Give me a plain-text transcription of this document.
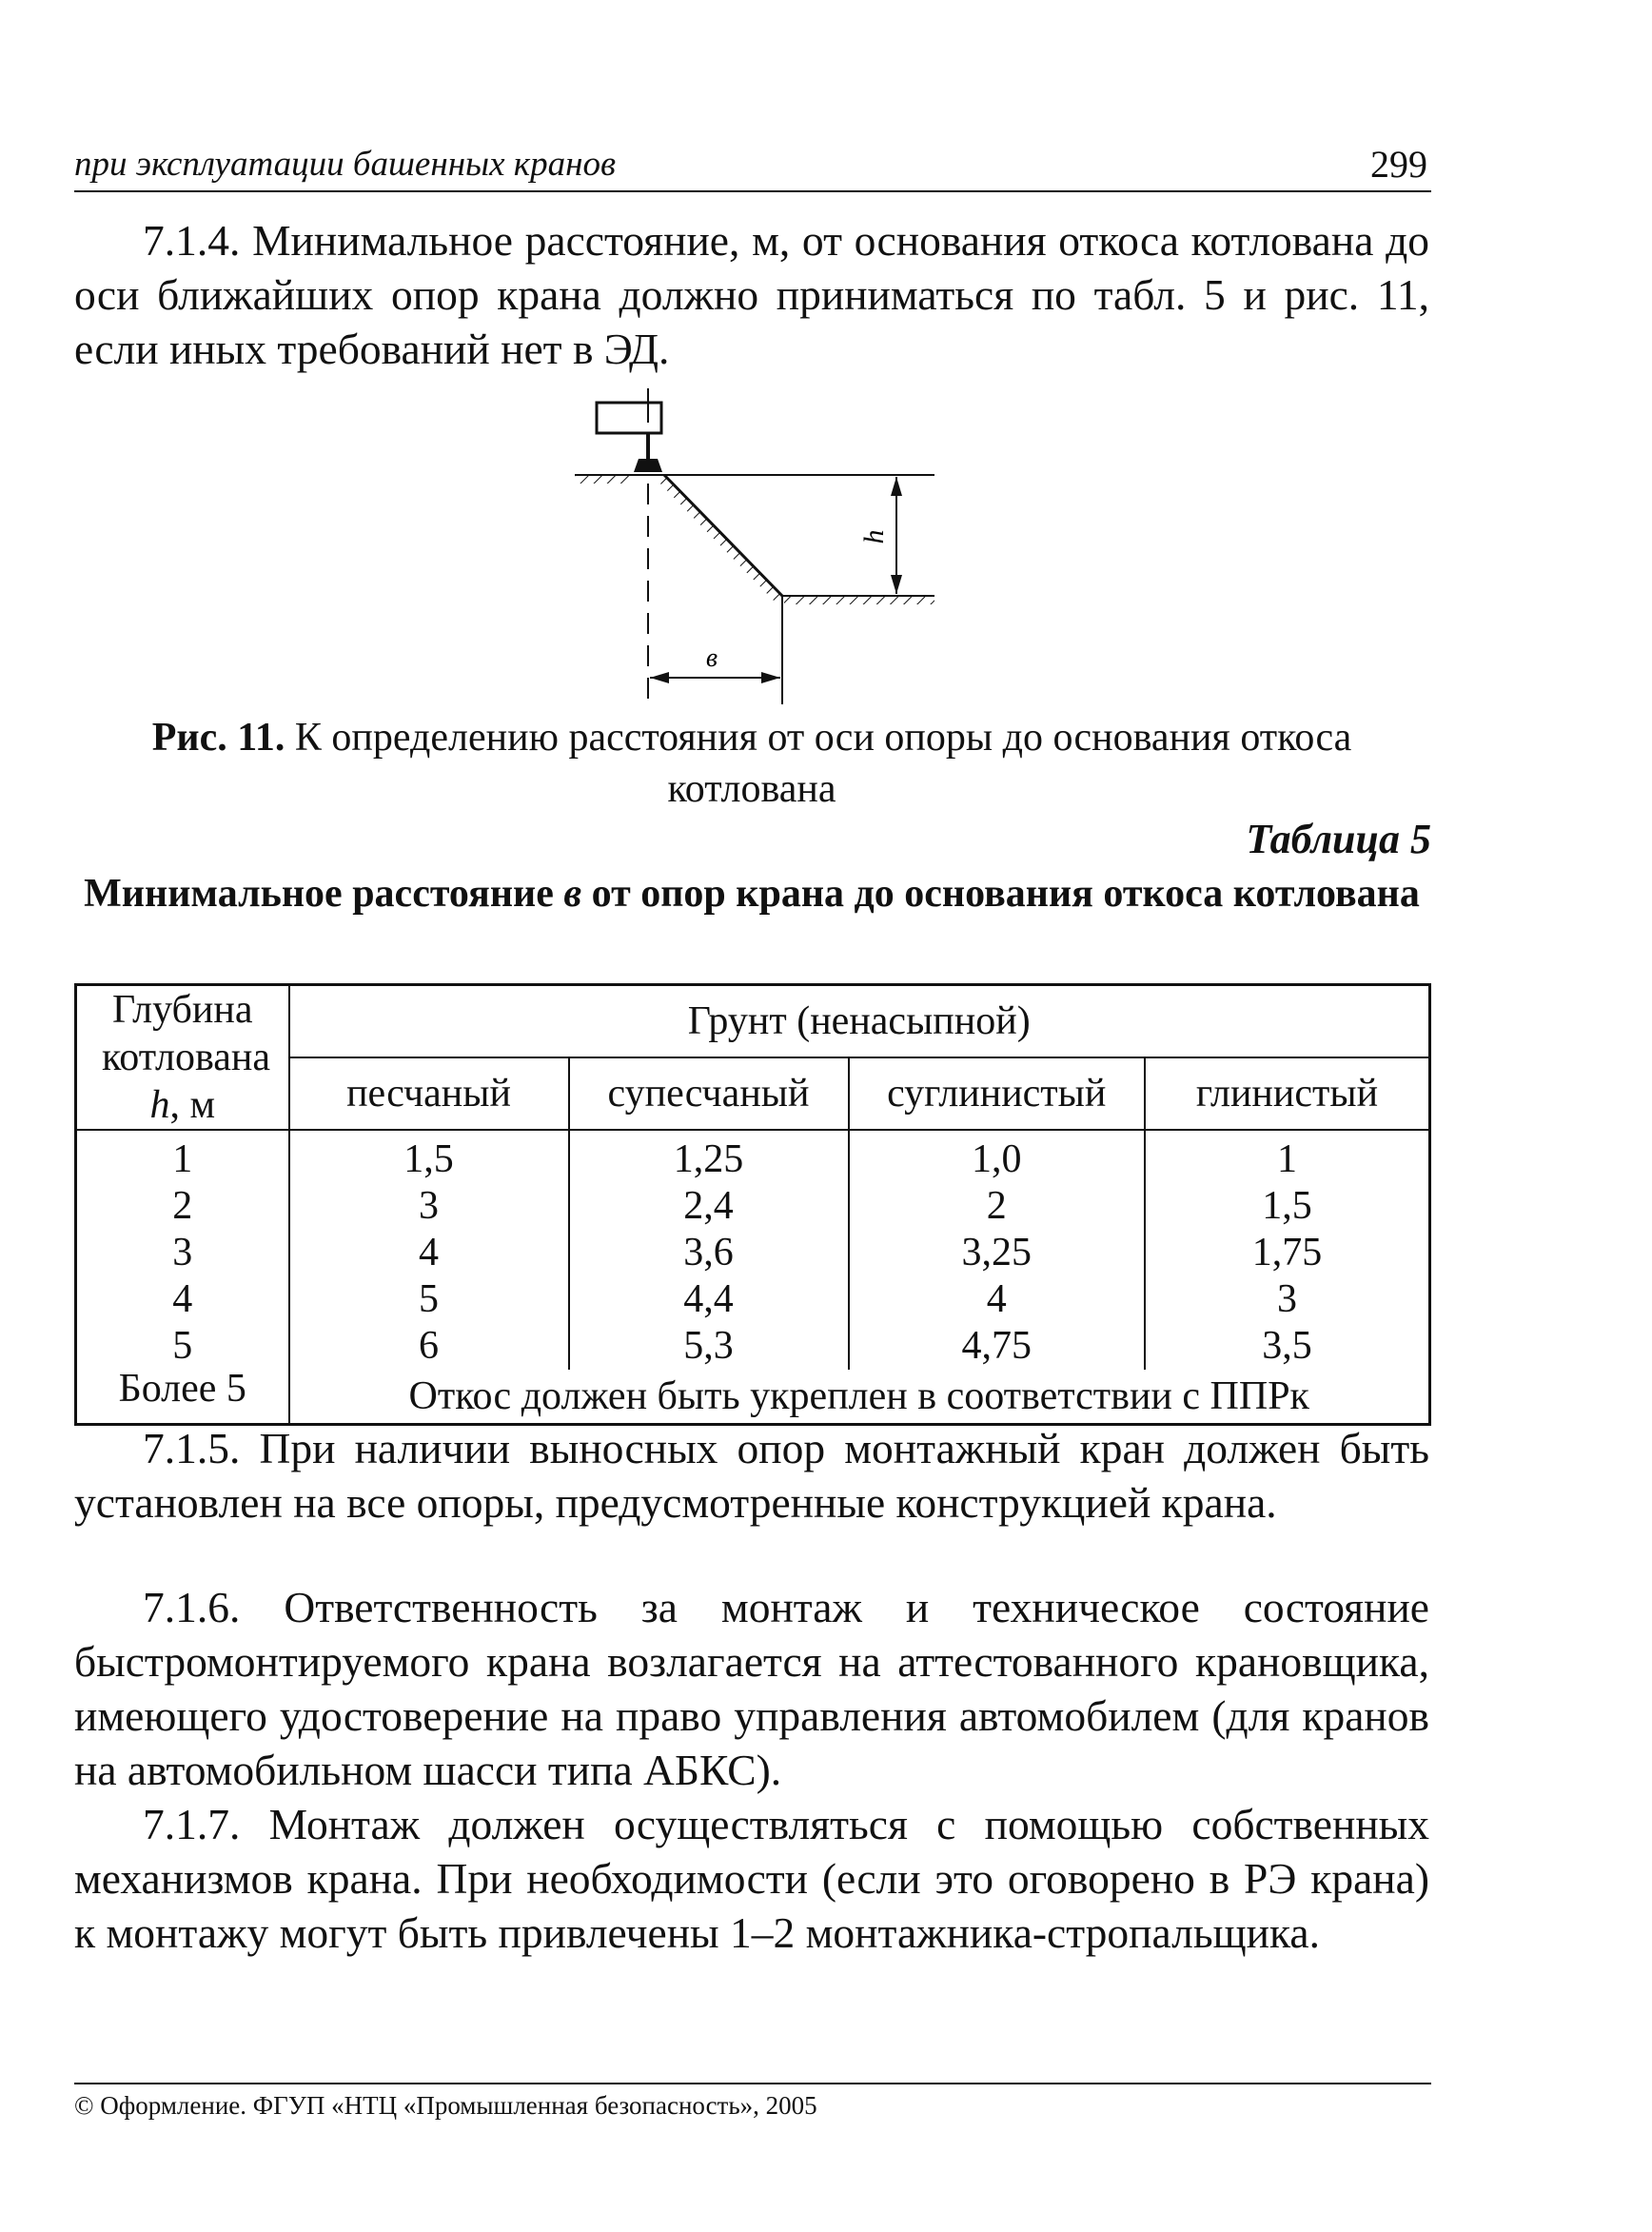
при эксплуатации башенных кранов	299

7.1.4. Минимальное расстояние, м, от основания откоса котлована до оси ближайших опор крана должно приниматься по табл. 5 и рис. 11, если иных требований нет в ЭД.

в
h
Рис. 11. К определению расстояния от оси опоры до основания откоса котлована
Таблица 5
Минимальное расстояние в от опор крана до основания откоса котлована
Глубина котлована h, м	Грунт (ненасыпной)			
	песчаный	супесчаный	суглинистый	глинистый
1	1,5	1,25	1,0	1
2	3	2,4	2	1,5
3	4	3,6	3,25	1,75
4	5	4,4	4	3
5	6	5,3	4,75	3,5
Более 5	Откос должен быть укреплен в соответствии с ППРк			

7.1.5. При наличии выносных опор монтажный кран должен быть установлен на все опоры, предусмотренные конструкцией крана.

7.1.6. Ответственность за монтаж и техническое состояние быстромонтируемого крана возлагается на аттестованного крановщика, имеющего удостоверение на право управления автомобилем (для кранов на автомобильном шасси типа АБКС).

7.1.7. Монтаж должен осуществляться с помощью собственных механизмов крана. При необходимости (если это оговорено в РЭ крана) к монтажу могут быть привлечены 1–2 монтажника-стропальщика.

© Оформление. ФГУП «НТЦ «Промышленная безопасность», 2005
